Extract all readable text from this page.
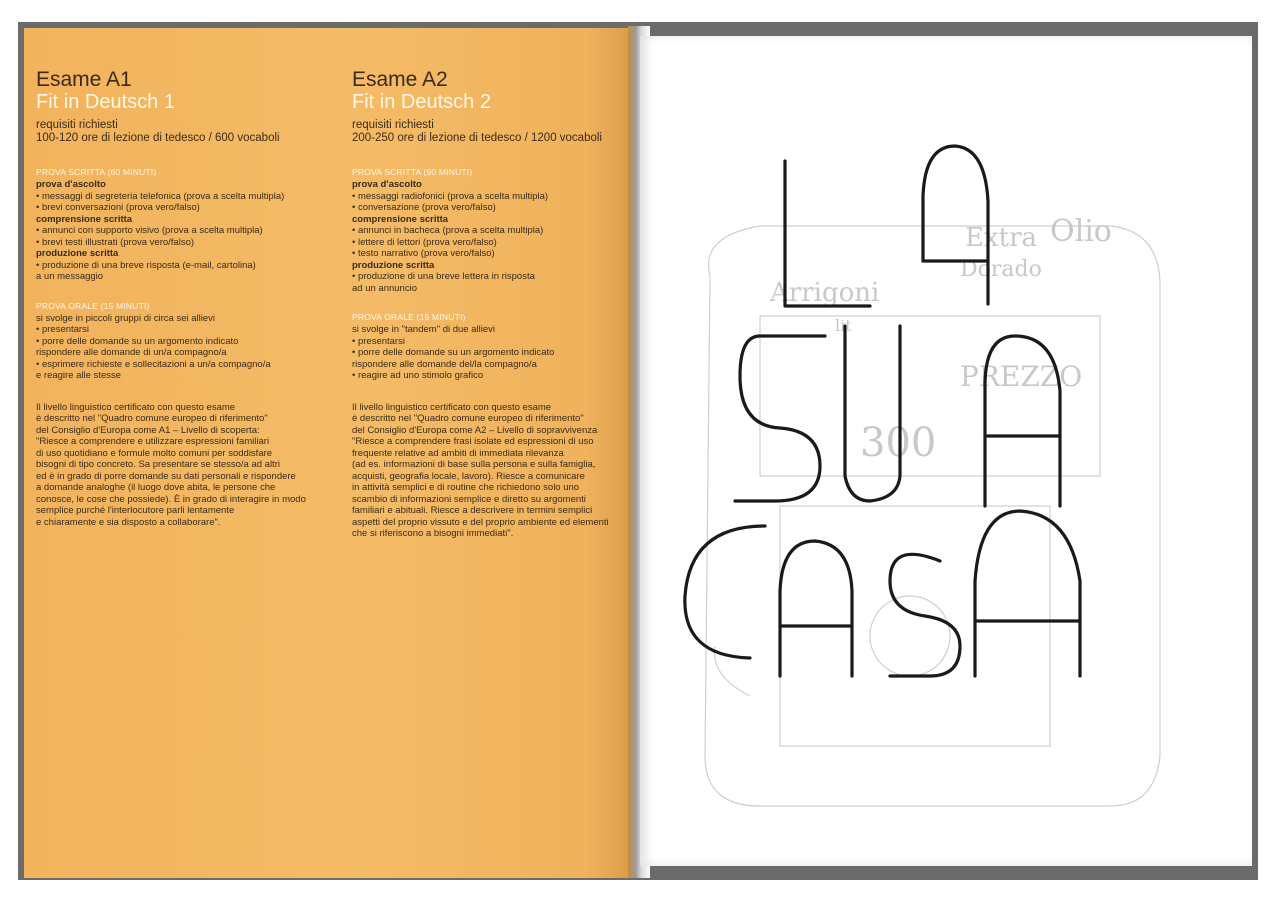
Esame A1
Fit in Deutsch 1

requisiti richiesti

100-120 ore di lezione di tedesco / 600 vocaboli

PROVA SCRITTA (60 MINUTI)

prova d'ascolto

• messaggi di segreteria telefonica (prova a scelta multipla)

• brevi conversazioni (prova vero/falso)

comprensione scritta

• annunci con supporto visivo (prova a scelta multipla)

• brevi testi illustrati (prova vero/falso)

produzione scritta

• produzione di una breve risposta (e-mail, cartolina)

a un messaggio

PROVA ORALE (15 MINUTI)

si svolge in piccoli gruppi di circa sei allievi

• presentarsi

• porre delle domande su un argomento indicato

rispondere alle domande di un/a compagno/a

• esprimere richieste e sollecitazioni a un/a compagno/a

e reagire alle stesse

Il livello linguistico certificato con questo esame

è descritto nel "Quadro comune europeo di riferimento"

del Consiglio d'Europa come A1 – Livello di scoperta:

"Riesce a comprendere e utilizzare espressioni familiari

di uso quotidiano e formule molto comuni per soddisfare

bisogni di tipo concreto. Sa presentare se stesso/a ad altri

ed è in grado di porre domande su dati personali e rispondere

a domande analoghe (il luogo dove abita, le persone che

conosce, le cose che possiede). È in grado di interagire in modo

semplice purché l'interlocutore parli lentamente

e chiaramente e sia disposto a collaborare".

Esame A2
Fit in Deutsch 2

requisiti richiesti

200-250 ore di lezione di tedesco / 1200 vocaboli

PROVA SCRITTA (90 MINUTI)

prova d'ascolto

• messaggi radiofonici (prova a scelta multipla)

• conversazione (prova vero/falso)

comprensione scritta

• annunci in bacheca (prova a scelta multipla)

• lettere di lettori (prova vero/falso)

• testo narrativo (prova vero/falso)

produzione scritta

• produzione di una breve lettera in risposta

ad un annuncio

PROVA ORALE (15 MINUTI)

si svolge in "tandem" di due allievi

• presentarsi

• porre delle domande su un argomento indicato

rispondere alle domande del/la compagno/a

• reagire ad uno stimolo grafico

Il livello linguistico certificato con questo esame

è descritto nel "Quadro comune europeo di riferimento"

del Consiglio d'Europa come A2 – Livello di sopravvivenza

"Riesce a comprendere frasi isolate ed espressioni di uso

frequente relative ad ambiti di immediata rilevanza

(ad es. informazioni di base sulla persona e sulla famiglia,

acquisti, geografia locale, lavoro). Riesce a comunicare

in attività semplici e di routine che richiedono solo uno

scambio di informazioni semplice e diretto su argomenti

familiari e abituali. Riesce a descrivere in termini semplici

aspetti del proprio vissuto e del proprio ambiente ed elementi

che si riferiscono a bisogni immediati".

Olio
Extra
Dorado
Arrigoni
lit
PREZZO
300
